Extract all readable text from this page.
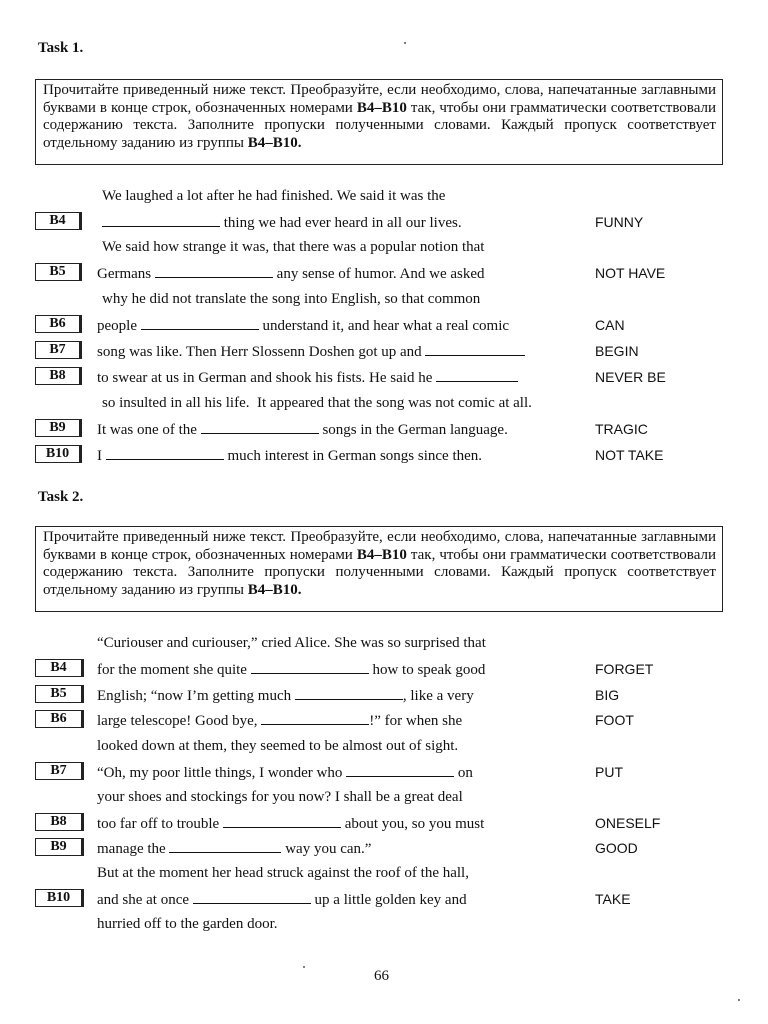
Task 1.
Прочитайте приведенный ниже текст. Преобразуйте, если необходимо, слова, напечатанные заглавными буквами в конце строк, обозначенных номерами B4–B10 так, чтобы они грамматически соответствовали содержанию текста. Заполните пропуски полученными словами. Каждый пропуск соответствует отдельному заданию из группы B4–B10.
We laughed a lot after he had finished. We said it was the
B4	thing we had ever heard in all our lives.	FUNNY
We said how strange it was, that there was a popular notion that
B5	Germans	any sense of humor. And we asked	NOT HAVE
why he did not translate the song into English, so that common
B6	people	understand it, and hear what a real comic	CAN
B7	song was like. Then Herr Slossenn Doshen got up and	BEGIN
B8	to swear at us in German and shook his fists. He said he	NEVER BE
so insulted in all his life.  It appeared that the song was not comic at all.
B9	It was one of the	songs in the German language.	TRAGIC
B10	I	much interest in German songs since then.	NOT TAKE
Task 2.
Прочитайте приведенный ниже текст. Преобразуйте, если необходимо, слова, напечатанные заглавными буквами в конце строк, обозначенных номерами B4–B10 так, чтобы они грамматически соответствовали содержанию текста. Заполните пропуски полученными словами. Каждый пропуск соответствует отдельному заданию из группы B4–B10.
“Curiouser and curiouser,” cried Alice. She was so surprised that
B4	for the moment she quite	how to speak good	FORGET
B5	English; “now I’m getting much	, like a very	BIG
B6	large telescope! Good bye,	!” for when she	FOOT
looked down at them, they seemed to be almost out of sight.
B7	“Oh, my poor little things, I wonder who	on	PUT
your shoes and stockings for you now? I shall be a great deal
B8	too far off to trouble	about you, so you must	ONESELF
B9	manage the	way you can.”	GOOD
But at the moment her head struck against the roof of the hall,
B10	and she at once	up a little golden key and	TAKE
hurried off to the garden door.
66
